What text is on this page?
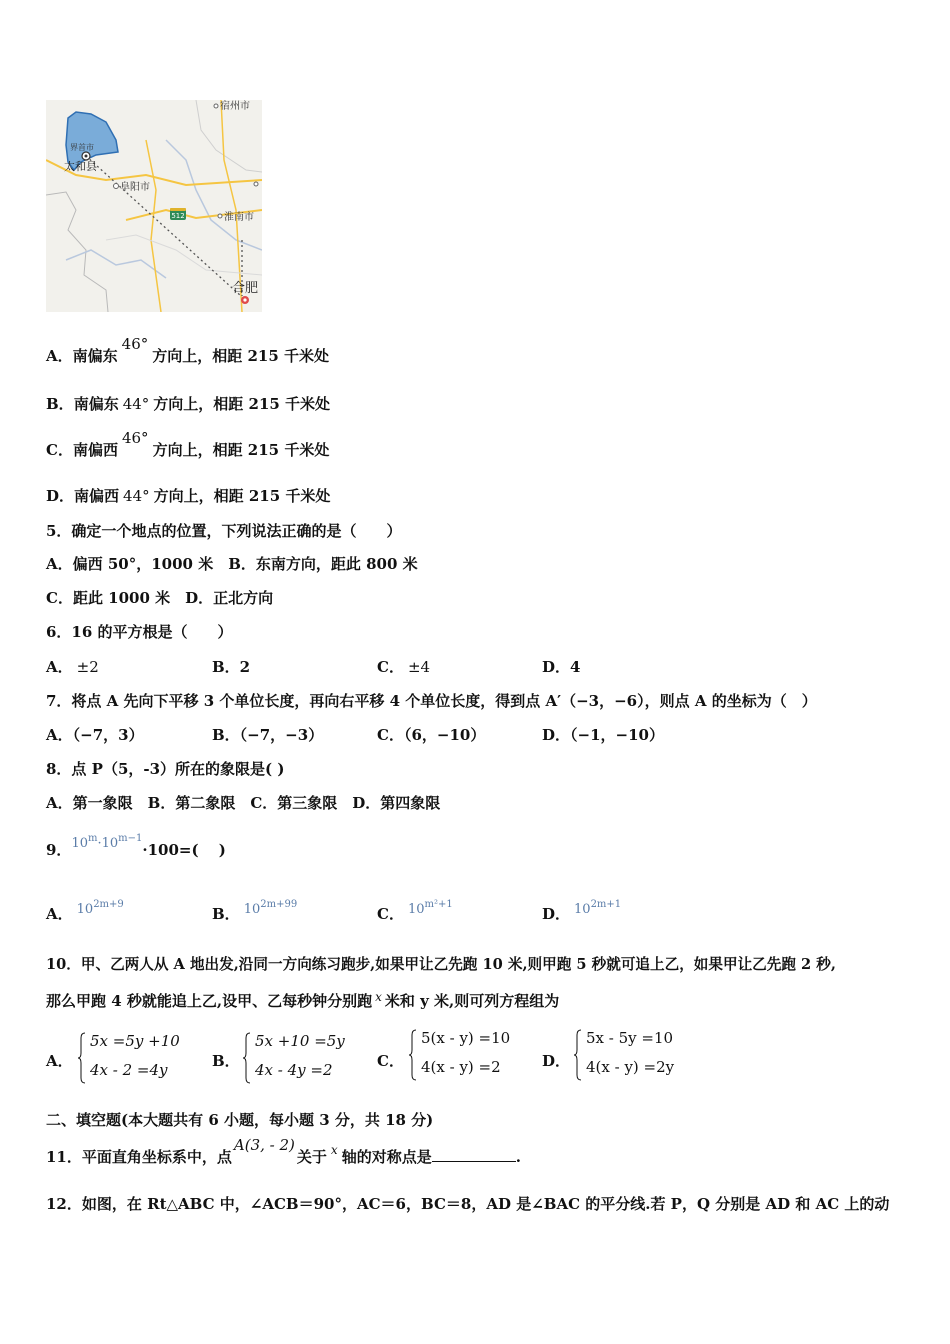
512
宿州市
界首市
太和县
阜阳市
淮南市
合肥
A．南偏东46°方向上，相距 215 千米处
B．南偏东 44° 方向上，相距 215 千米处
C．南偏西46°方向上，相距 215 千米处
D．南偏西 44° 方向上，相距 215 千米处
5．确定一个地点的位置，下列说法正确的是（　　）
A．偏西 50°，1000 米　B．东南方向，距此 800 米
C．距此 1000 米　D．正北方向
6．16 的平方根是（　　）
A． ±2	B．2	C． ±4	D．4
7．将点 A 先向下平移 3 个单位长度，再向右平移 4 个单位长度，得到点 A′（−3，−6），则点 A 的坐标为（　）
A．（−7，3）	B．（−7，−3）	C．（6，−10）	D．（−1，−10）
8．点 P（5，-3）所在的象限是( )
A．第一象限　B．第二象限　C．第三象限　D．第四象限
9．$10^m\cdot 10^{m-1}\cdot 100=$(　 )
A． $10^{2m+9}$
B． $10^{2m+99}$
C． $10^{m^2+1}$
D． $10^{2m+1}$
10．甲、乙两人从 A 地出发,沿同一方向练习跑步,如果甲让乙先跑 10 米,则甲跑 5 秒就可追上乙，如果甲让乙先跑 2 秒,
那么甲跑 4 秒就能追上乙,设甲、乙每秒钟分别跑 $^x$ 米和 y 米,则可列方程组为
A．
5x =5y +10
4x - 2 =4y	B．
5x +10 =5y
4x - 4y =2	C．
5(x - y) =10
4(x - y) =2	D．
5x - 5y =10
4(x - y) =2y
二、填空题(本大题共有 6 小题，每小题 3 分，共 18 分)
11．平面直角坐标系中，点A(3, - 2)关于 $^x$ 轴的对称点是	.
12．如图，在 Rt△ABC 中，∠ACB＝90°，AC＝6，BC＝8，AD 是∠BAC 的平分线.若 P，Q 分别是 AD 和 AC 上的动
